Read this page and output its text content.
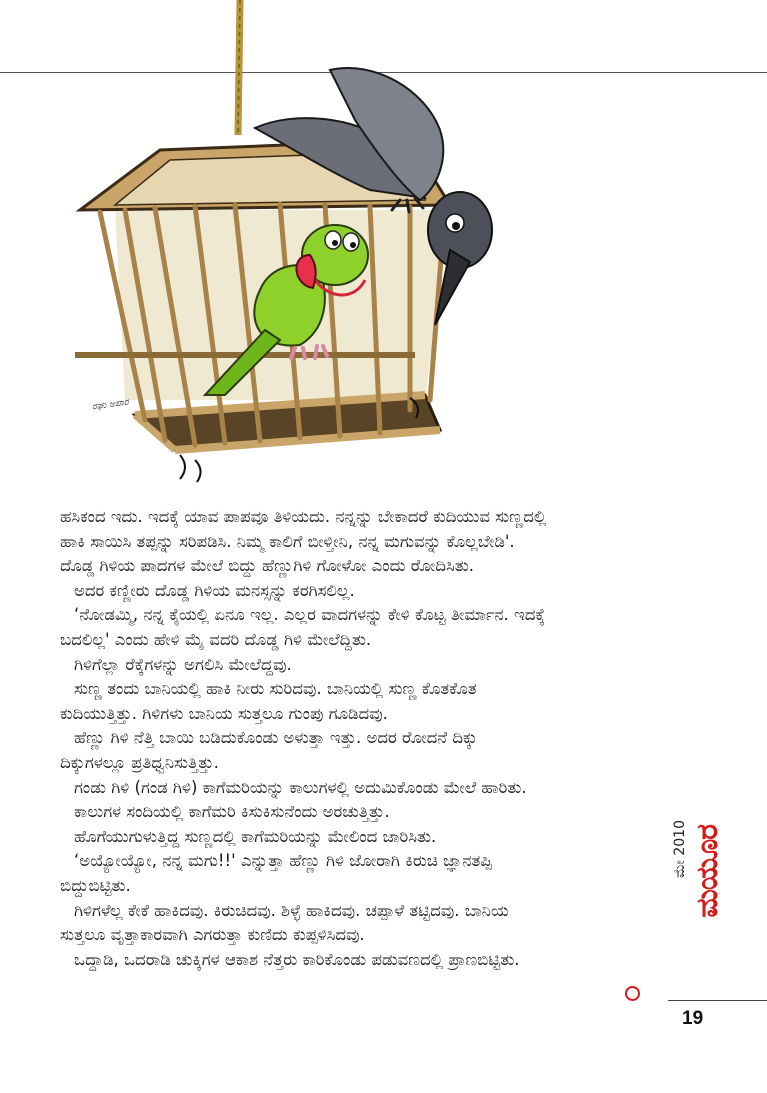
ರಘು ಅಪಾರ

ಹಸಿಕಂದ ಇದು. ಇದಕ್ಕೆ ಯಾವ ಪಾಪವೂ ತಿಳಿಯದು. ನನ್ನನ್ನು ಬೇಕಾದರೆ ಕುದಿಯುವ ಸುಣ್ಣದಲ್ಲಿ

ಹಾಕಿ ಸಾಯಿಸಿ ತಪ್ಪನ್ನು ಸರಿಪಡಿಸಿ. ನಿಮ್ಮ ಕಾಲಿಗೆ ಬೀಳ್ತೀನಿ, ನನ್ನ ಮಗುವನ್ನು ಕೊಲ್ಲಬೇಡಿ'.

ದೊಡ್ಡ ಗಿಳಿಯ ಪಾದಗಳ ಮೇಲೆ ಬಿದ್ದು ಹೆಣ್ಣುಗಿಳಿ ಗೋಳೋ ಎಂದು ರೋದಿಸಿತು.

ಅದರ ಕಣ್ಣೀರು ದೊಡ್ಡ ಗಿಳಿಯ ಮನಸ್ಸನ್ನು ಕರಗಿಸಲಿಲ್ಲ.

‘ನೋಡಮ್ಮಿ, ನನ್ನ ಕೈಯಲ್ಲಿ ಏನೂ ಇಲ್ಲ. ಎಲ್ಲರ ವಾದಗಳನ್ನು ಕೇಳಿ ಕೊಟ್ಟ ತೀರ್ಮಾನ. ಇದಕ್ಕೆ

ಬದಲಿಲ್ಲ' ಎಂದು ಹೇಳಿ ಮೈ ವದರಿ ದೊಡ್ಡ ಗಿಳಿ ಮೇಲೆದ್ದಿತು.

ಗಿಳಿಗೆಲ್ಲಾ ರೆಕ್ಕೆಗಳನ್ನು ಅಗಲಿಸಿ ಮೇಲೆದ್ದವು.

ಸುಣ್ಣ ತಂದು ಬಾನಿಯಲ್ಲಿ ಹಾಕಿ ನೀರು ಸುರಿದವು. ಬಾನಿಯಲ್ಲಿ ಸುಣ್ಣ ಕೊತಕೊತ

ಕುದಿಯುತ್ತಿತ್ತು. ಗಿಳಿಗಳು ಬಾನಿಯ ಸುತ್ತಲೂ ಗುಂಪು ಗೂಡಿದವು.

ಹೆಣ್ಣು ಗಿಳಿ ನೆತ್ತಿ ಬಾಯಿ ಬಡಿದುಕೊಂಡು ಅಳುತ್ತಾ ಇತ್ತು. ಅದರ ರೋದನೆ ದಿಕ್ಕು

ದಿಕ್ಕುಗಳಲ್ಲೂ ಪ್ರತಿಧ್ವನಿಸುತ್ತಿತ್ತು.

ಗಂಡು ಗಿಳಿ (ಗಂಡ ಗಿಳಿ) ಕಾಗೆಮರಿಯನ್ನು ಕಾಲುಗಳಲ್ಲಿ ಅದುಮಿಕೊಂಡು ಮೇಲೆ ಹಾರಿತು.

ಕಾಲುಗಳ ಸಂದಿಯಲ್ಲಿ ಕಾಗೆಮರಿ ಕಿಸುಕಿಸುನೆಂದು ಅರಚುತ್ತಿತ್ತು.

ಹೊಗೆಯುಗುಳುತ್ತಿದ್ದ ಸುಣ್ಣದಲ್ಲಿ ಕಾಗೆಮರಿಯನ್ನು ಮೇಲಿಂದ ಜಾರಿಸಿತು.

‘ಅಯ್ಯೋಯ್ಯೋ, ನನ್ನ ಮಗು!!' ಎನ್ನುತ್ತಾ ಹೆಣ್ಣು ಗಿಳಿ ಜೋರಾಗಿ ಕಿರುಚಿ ಜ್ಞಾನತಪ್ಪಿ

ಬಿದ್ದುಬಿಟ್ಟಿತು.

ಗಿಳಿಗಳೆಲ್ಲ ಕೇಕೆ ಹಾಕಿದವು. ಕಿರುಚಿದವು. ಶಿಳ್ಳೆ ಹಾಕಿದವು. ಚಪ್ಪಾಳೆ ತಟ್ಟಿದವು. ಬಾನಿಯ

ಸುತ್ತಲೂ ವೃತ್ತಾಕಾರವಾಗಿ ಎಗರುತ್ತಾ ಕುಣಿದು ಕುಪ್ಪಳಿಸಿದವು.

ಒದ್ದಾಡಿ, ಒದರಾಡಿ ಚುಕ್ಕಿಗಳ ಆಕಾಶ ನೆತ್ತರು ಕಾರಿಕೊಂಡು ಪಡುವಣದಲ್ಲಿ ಪ್ರಾಣಬಿಟ್ಟಿತು.

ಮೇ 2010 ಮಯೂರ
19
